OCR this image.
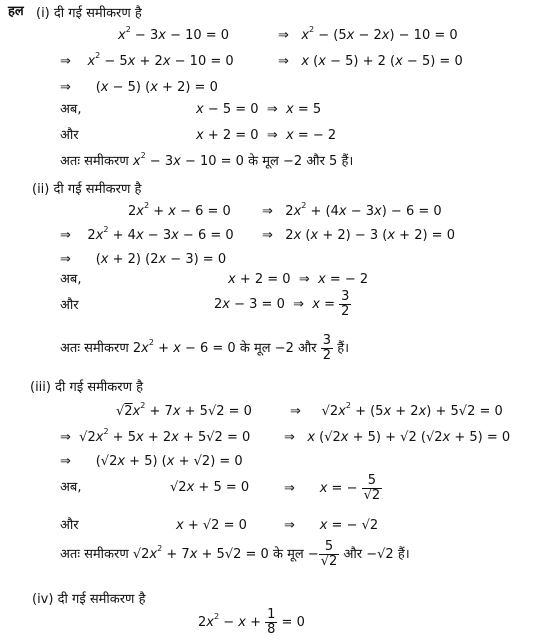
हल (i) दी गई समीकरण है
$x^2 - 3x - 10 = 0$	⇒ $x^2 - (5x - 2x) - 10 = 0$
⇒ $x^2 - 5x + 2x - 10 = 0$	⇒ x (x − 5) + 2 (x − 5) = 0
⇒      (x − 5) (x + 2) = 0
अब,	x − 5 = 0  ⇒ x = 5
और	x + 2 = 0  ⇒ x = − 2
अतः समीकरण $x^2 - 3x - 10 = 0$ के मूल −2 और 5 हैं।
(ii) दी गई समीकरण है
$2x^2 + x - 6 = 0$ ⇒   $2x^2 + (4x - 3x) - 6 = 0$
⇒    $2x^2 + 4x - 3x - 6 = 0$ ⇒   2x (x + 2) − 3 (x + 2) = 0
⇒      (x + 2) (2x − 3) = 0
अब,	x + 2 = 0  ⇒ x = − 2
और	2x − 3 = 0  ⇒ $x = \frac{3}{2}$
अतः समीकरण $2x^2 + x - 6 = 0$ के मूल −2 और $\frac{3}{2}$ हैं।
(iii) दी गई समीकरण है
$√2x^2 + 7x + 5√2 = 0$	⇒     $√2x^2 + (5x + 2x) + 5√2 = 0$
⇒  $√2x^2 + 5x + 2x + 5√2 = 0$	⇒ x (√2x + 5) + √2 (√2x + 5) = 0
⇒      (√2x + 5) (x + √2) = 0
अब,	√2x + 5 = 0	⇒ x = − $\frac{5}{√2}$
और	x + √2 = 0	⇒ x = − √2
अतः समीकरण $√2x^2 + 7x + 5√2 = 0$ के मूल − $\frac{5}{√2}$ और −√2 हैं।
(iv) दी गई समीकरण है
$2x^2 - x + \frac{1}{8} = 0$
